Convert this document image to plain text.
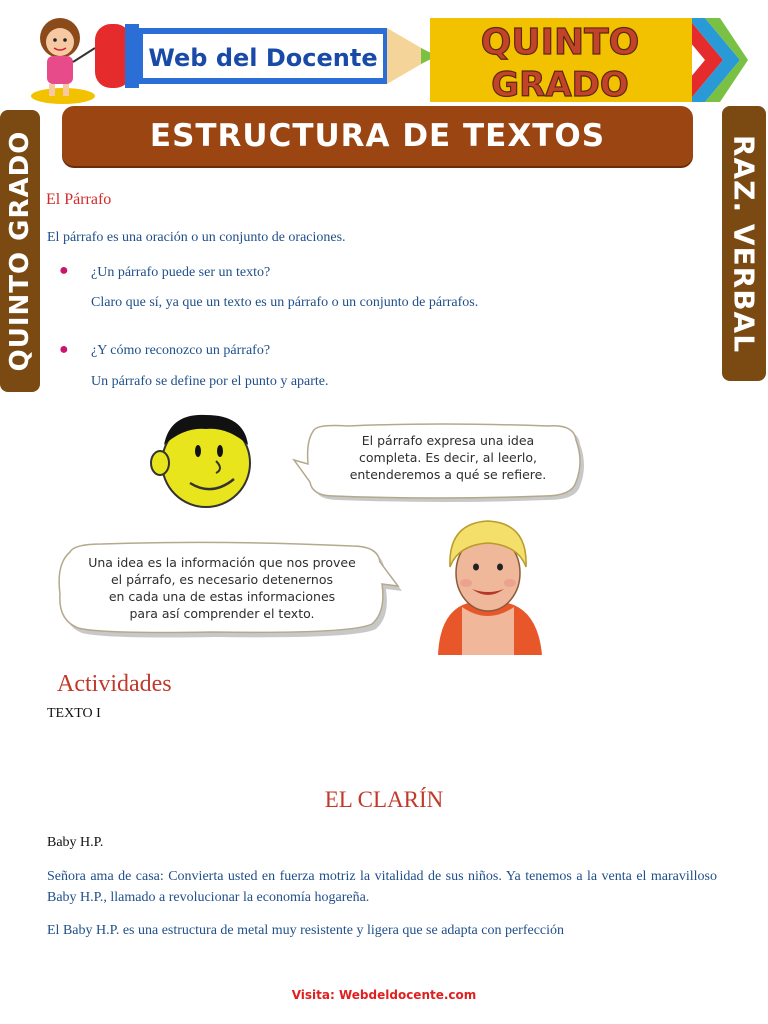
Web del Docente	QUINTO
GRADO
ESTRUCTURA DE TEXTOS
QUINTO GRADO	RAZ. VERBAL
El Párrafo
El párrafo es una oración o un conjunto de oraciones.
● ¿Un párrafo puede ser un texto?
Claro que sí, ya que un texto es un párrafo o un conjunto de párrafos.
● ¿Y cómo reconozco un párrafo?
Un párrafo se define por el punto y aparte.
El párrafo expresa una idea
completa. Es decir, al leerlo,
entenderemos a qué se refiere.
Una idea es la información que nos provee
el párrafo, es necesario detenernos
en cada una de estas informaciones
para así comprender el texto.
Actividades
TEXTO I
EL CLARÍN
Baby H.P.
Señora ama de casa: Convierta usted en fuerza motriz la vitalidad de sus niños. Ya tenemos a la venta el maravilloso Baby H.P., llamado a revolucionar la economía hogareña.
El Baby H.P. es una estructura de metal muy resistente y ligera que se adapta con perfección
Visita: Webdeldocente.com
